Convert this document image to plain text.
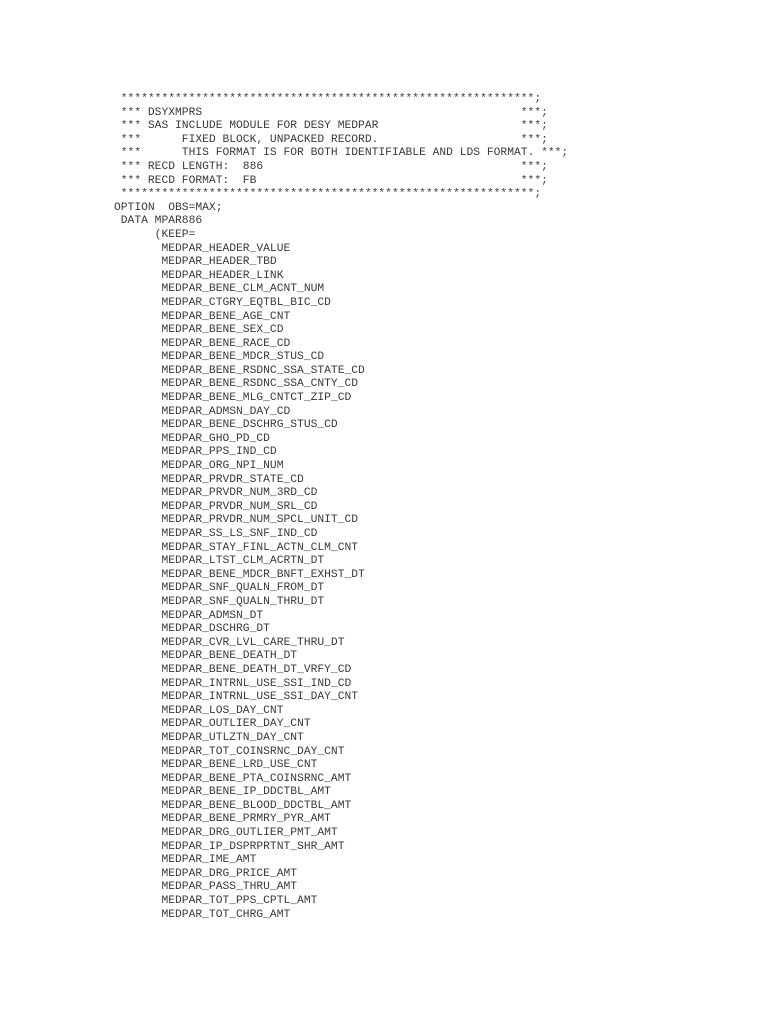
*************************************************************;
*** DSYXMPRS                                               ***;
*** SAS INCLUDE MODULE FOR DESY MEDPAR                     ***;
***      FIXED BLOCK, UNPACKED RECORD.                     ***;
***      THIS FORMAT IS FOR BOTH IDENTIFIABLE AND LDS FORMAT. ***;
*** RECD LENGTH:  886                                      ***;
*** RECD FORMAT:  FB                                       ***;
*************************************************************;
OPTION  OBS=MAX;
DATA MPAR886
(KEEP=
MEDPAR_HEADER_VALUE
MEDPAR_HEADER_TBD
MEDPAR_HEADER_LINK
MEDPAR_BENE_CLM_ACNT_NUM
MEDPAR_CTGRY_EQTBL_BIC_CD
MEDPAR_BENE_AGE_CNT
MEDPAR_BENE_SEX_CD
MEDPAR_BENE_RACE_CD
MEDPAR_BENE_MDCR_STUS_CD
MEDPAR_BENE_RSDNC_SSA_STATE_CD
MEDPAR_BENE_RSDNC_SSA_CNTY_CD
MEDPAR_BENE_MLG_CNTCT_ZIP_CD
MEDPAR_ADMSN_DAY_CD
MEDPAR_BENE_DSCHRG_STUS_CD
MEDPAR_GHO_PD_CD
MEDPAR_PPS_IND_CD
MEDPAR_ORG_NPI_NUM
MEDPAR_PRVDR_STATE_CD
MEDPAR_PRVDR_NUM_3RD_CD
MEDPAR_PRVDR_NUM_SRL_CD
MEDPAR_PRVDR_NUM_SPCL_UNIT_CD
MEDPAR_SS_LS_SNF_IND_CD
MEDPAR_STAY_FINL_ACTN_CLM_CNT
MEDPAR_LTST_CLM_ACRTN_DT
MEDPAR_BENE_MDCR_BNFT_EXHST_DT
MEDPAR_SNF_QUALN_FROM_DT
MEDPAR_SNF_QUALN_THRU_DT
MEDPAR_ADMSN_DT
MEDPAR_DSCHRG_DT
MEDPAR_CVR_LVL_CARE_THRU_DT
MEDPAR_BENE_DEATH_DT
MEDPAR_BENE_DEATH_DT_VRFY_CD
MEDPAR_INTRNL_USE_SSI_IND_CD
MEDPAR_INTRNL_USE_SSI_DAY_CNT
MEDPAR_LOS_DAY_CNT
MEDPAR_OUTLIER_DAY_CNT
MEDPAR_UTLZTN_DAY_CNT
MEDPAR_TOT_COINSRNC_DAY_CNT
MEDPAR_BENE_LRD_USE_CNT
MEDPAR_BENE_PTA_COINSRNC_AMT
MEDPAR_BENE_IP_DDCTBL_AMT
MEDPAR_BENE_BLOOD_DDCTBL_AMT
MEDPAR_BENE_PRMRY_PYR_AMT
MEDPAR_DRG_OUTLIER_PMT_AMT
MEDPAR_IP_DSPRPRTNT_SHR_AMT
MEDPAR_IME_AMT
MEDPAR_DRG_PRICE_AMT
MEDPAR_PASS_THRU_AMT
MEDPAR_TOT_PPS_CPTL_AMT
MEDPAR_TOT_CHRG_AMT
